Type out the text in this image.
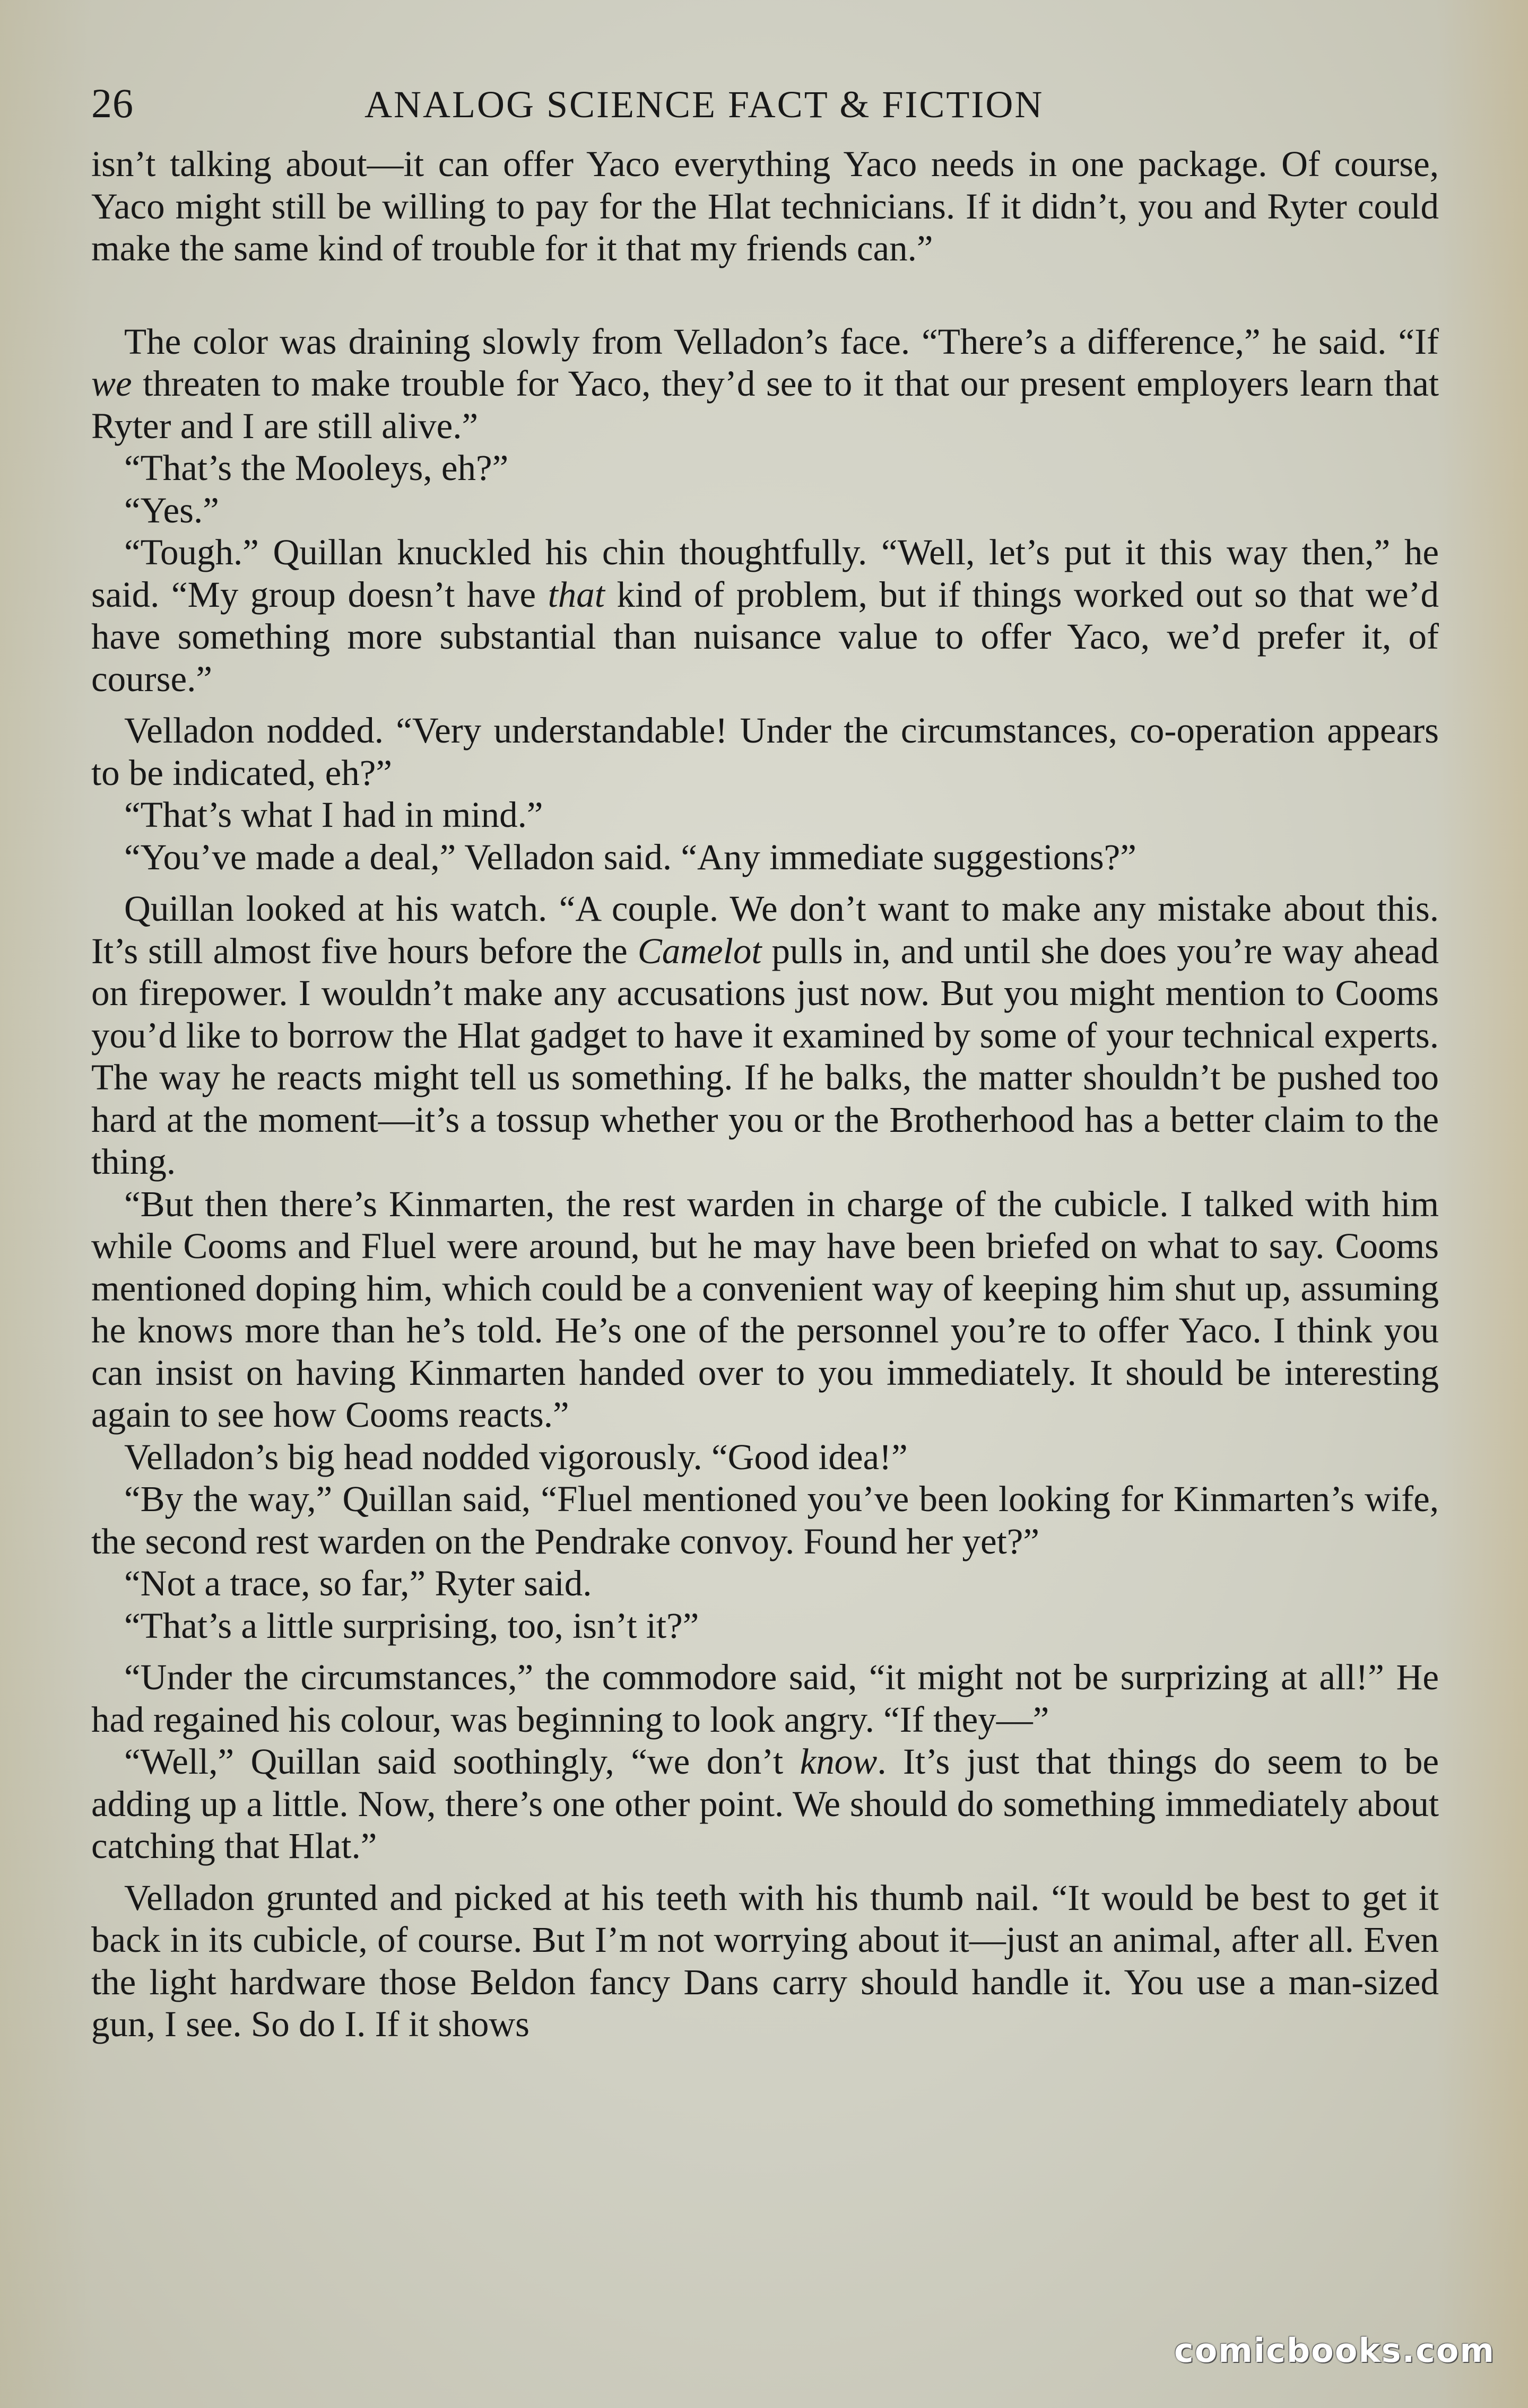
26	ANALOG SCIENCE FACT & FICTION

isn’t talking about—it can offer Yaco everything Yaco needs in one package. Of course, Yaco might still be willing to pay for the Hlat technicians. If it didn’t, you and Ryter could make the same kind of trouble for it that my friends can.”

The color was draining slowly from Velladon’s face. “There’s a difference,” he said. “If we threaten to make trouble for Yaco, they’d see to it that our present employers learn that Ryter and I are still alive.”

“That’s the Mooleys, eh?”

“Yes.”

“Tough.” Quillan knuckled his chin thoughtfully. “Well, let’s put it this way then,” he said. “My group doesn’t have that kind of problem, but if things worked out so that we’d have something more substantial than nuisance value to offer Yaco, we’d prefer it, of course.”

Velladon nodded. “Very understandable! Under the circumstances, co-operation appears to be indicated, eh?”

“That’s what I had in mind.”

“You’ve made a deal,” Velladon said. “Any immediate suggestions?”

Quillan looked at his watch. “A couple. We don’t want to make any mistake about this. It’s still almost five hours before the Camelot pulls in, and until she does you’re way ahead on firepower. I wouldn’t make any accusations just now. But you might mention to Cooms you’d like to borrow the Hlat gadget to have it examined by some of your technical experts. The way he reacts might tell us something. If he balks, the matter shouldn’t be pushed too hard at the moment—it’s a tossup whether you or the Brotherhood has a better claim to the thing.

“But then there’s Kinmarten, the rest warden in charge of the cubicle. I talked with him while Cooms and Fluel were around, but he may have been briefed on what to say. Cooms mentioned doping him, which could be a convenient way of keeping him shut up, assuming he knows more than he’s told. He’s one of the personnel you’re to offer Yaco. I think you can insist on having Kinmarten handed over to you immediately. It should be interesting again to see how Cooms reacts.”

Velladon’s big head nodded vigorously. “Good idea!”

“By the way,” Quillan said, “Fluel mentioned you’ve been looking for Kinmarten’s wife, the second rest warden on the Pendrake convoy. Found her yet?”

“Not a trace, so far,” Ryter said.

“That’s a little surprising, too, isn’t it?”

“Under the circumstances,” the commodore said, “it might not be surprizing at all!” He had regained his colour, was beginning to look angry. “If they—”

“Well,” Quillan said soothingly, “we don’t know. It’s just that things do seem to be adding up a little. Now, there’s one other point. We should do something immediately about catching that Hlat.”

Velladon grunted and picked at his teeth with his thumb nail. “It would be best to get it back in its cubicle, of course. But I’m not worrying about it—just an animal, after all. Even the light hardware those Beldon fancy Dans carry should handle it. You use a man-sized gun, I see. So do I. If it shows

comicbooks.com
